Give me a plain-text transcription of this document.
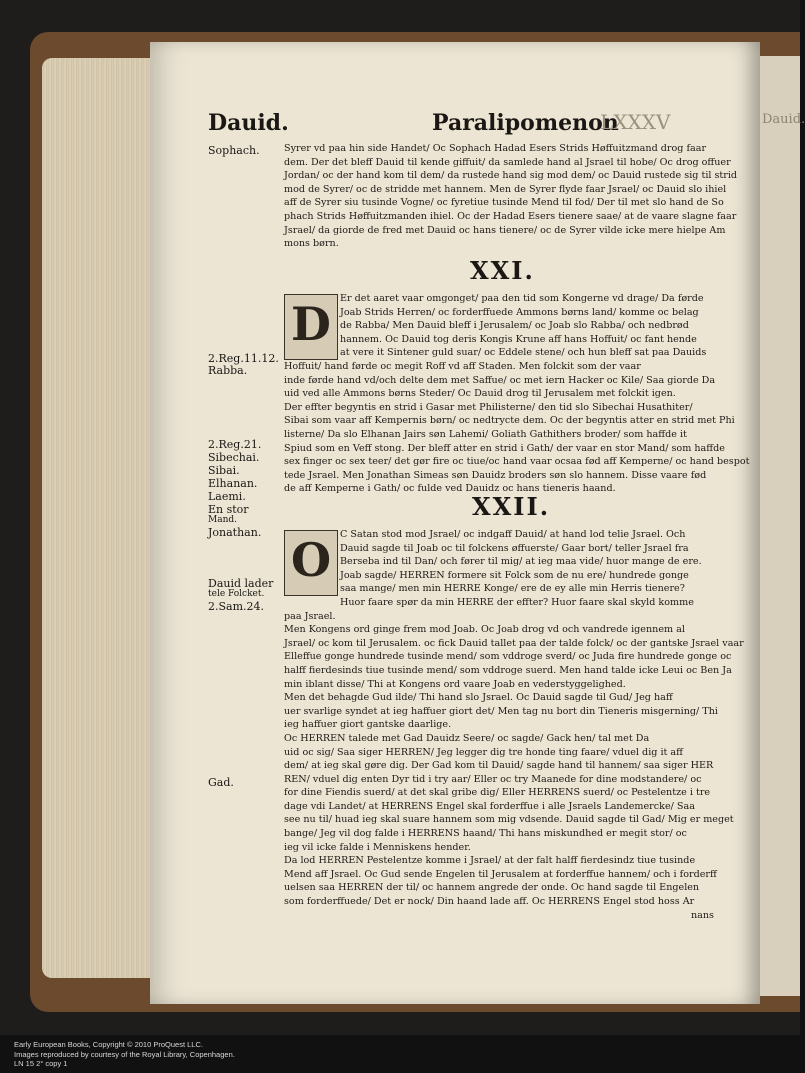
Dauid.
Dauid.	Paralipomenon
LXXXV
Sophach.
2.Reg.11.12.
Rabba.
2.Reg.21.
Sibechai.
Sibai.
Elhanan.
Laemi.
En stor
Mand.
Jonathan.
Dauid lader
tele Folcket.
2.Sam.24.
Gad.
Syrer vd paa hin side Handet/ Oc Sophach Hadad Esers Strids Høffuitzmand drog faar
dem. Der det bleff Dauid til kende giffuit/ da samlede hand al Jsrael til hobe/ Oc drog offuer
Jordan/ oc der hand kom til dem/ da rustede hand sig mod dem/ oc Dauid rustede sig til strid
mod de Syrer/ oc de stridde met hannem. Men de Syrer flyde faar Jsrael/ oc Dauid slo ihiel
aff de Syrer siu tusinde Vogne/ oc fyretiue tusinde Mend til fod/ Der til met slo hand de So
phach Strids Høffuitzmanden ihiel. Oc der Hadad Esers tienere saae/ at de vaare slagne faar
Jsrael/ da giorde de fred met Dauid oc hans tienere/ oc de Syrer vilde icke mere hielpe Am
mons børn.
XXI.
D Er det aaret vaar omgonget/ paa den tid som Kongerne vd drage/ Da førde
Joab Strids Herren/ oc forderffuede Ammons børns land/ komme oc belag
de Rabba/ Men Dauid bleff i Jerusalem/ oc Joab slo Rabba/ och nedbrød
hannem. Oc Dauid tog deris Kongis Krune aff hans Hoffuit/ oc fant hende
at vere it Sintener guld suar/ oc Eddele stene/ och hun bleff sat paa Dauids
Hoffuit/ hand førde oc megit Roff vd aff Staden. Men folckit som der vaar
inde førde hand vd/och delte dem met Saffue/ oc met iern Hacker oc Kile/ Saa giorde Da
uid ved alle Ammons børns Steder/ Oc Dauid drog til Jerusalem met folckit igen.
Der effter begyntis en strid i Gasar met Philisterne/ den tid slo Sibechai Husathiter/
Sibai som vaar aff Kempernis børn/ oc nedtrycte dem. Oc der begyntis atter en strid met Phi
listerne/ Da slo Elhanan Jairs søn Lahemi/ Goliath Gathithers broder/ som haffde it
Spiud som en Veff stong. Der bleff atter en strid i Gath/ der vaar en stor Mand/ som haffde
sex finger oc sex teer/ det gør fire oc tiue/oc hand vaar ocsaa fød aff Kemperne/ oc hand bespot
tede Jsrael. Men Jonathan Simeas søn Dauidz broders søn slo hannem. Disse vaare fød
de aff Kemperne i Gath/ oc fulde ved Dauidz oc hans tieneris haand.
XXII.
O C Satan stod mod Jsrael/ oc indgaff Dauid/ at hand lod telie Jsrael. Och
Dauid sagde til Joab oc til folckens øffuerste/ Gaar bort/ teller Jsrael fra
Berseba ind til Dan/ och fører til mig/ at ieg maa vide/ huor mange de ere.
Joab sagde/ HERREN formere sit Folck som de nu ere/ hundrede gonge
saa mange/ men min HERRE Konge/ ere de ey alle min Herris tienere?
Huor faare spør da min HERRE der effter? Huor faare skal skyld komme
paa Jsrael.
Men Kongens ord ginge frem mod Joab. Oc Joab drog vd och vandrede igennem al
Jsrael/ oc kom til Jerusalem. oc fick Dauid tallet paa der talde folck/ oc der gantske Jsrael vaar
Elleffue gonge hundrede tusinde mend/ som vddroge sverd/ oc Juda fire hundrede gonge oc
halff fierdesinds tiue tusinde mend/ som vddroge suerd. Men hand talde icke Leui oc Ben Ja
min iblant disse/ Thi at Kongens ord vaare Joab en vederstyggelighed.
Men det behagde Gud ilde/ Thi hand slo Jsrael. Oc Dauid sagde til Gud/ Jeg haff
uer svarlige syndet at ieg haffuer giort det/ Men tag nu bort din Tieneris misgerning/ Thi
ieg haffuer giort gantske daarlige.
Oc HERREN talede met Gad Dauidz Seere/ oc sagde/ Gack hen/ tal met Da
uid oc sig/ Saa siger HERREN/ Jeg legger dig tre honde ting faare/ vduel dig it aff
dem/ at ieg skal gøre dig. Der Gad kom til Dauid/ sagde hand til hannem/ saa siger HER
REN/ vduel dig enten Dyr tid i try aar/ Eller oc try Maanede for dine modstandere/ oc
for dine Fiendis suerd/ at det skal gribe dig/ Eller HERRENS suerd/ oc Pestelentze i tre
dage vdi Landet/ at HERRENS Engel skal forderffue i alle Jsraels Landemercke/ Saa
see nu til/ huad ieg skal suare hannem som mig vdsende. Dauid sagde til Gad/ Mig er meget
bange/ Jeg vil dog falde i HERRENS haand/ Thi hans miskundhed er megit stor/ oc
ieg vil icke falde i Menniskens hender.
Da lod HERREN Pestelentze komme i Jsrael/ at der falt halff fierdesindz tiue tusinde
Mend aff Jsrael. Oc Gud sende Engelen til Jerusalem at forderffue hannem/ och i forderff
uelsen saa HERREN der til/ oc hannem angrede der onde. Oc hand sagde til Engelen
som forderffuede/ Det er nock/ Din haand lade aff. Oc HERRENS Engel stod hoss Ar
nans
Early European Books, Copyright © 2010 ProQuest LLC.
Images reproduced by courtesy of the Royal Library, Copenhagen.
LN 15 2° copy 1
